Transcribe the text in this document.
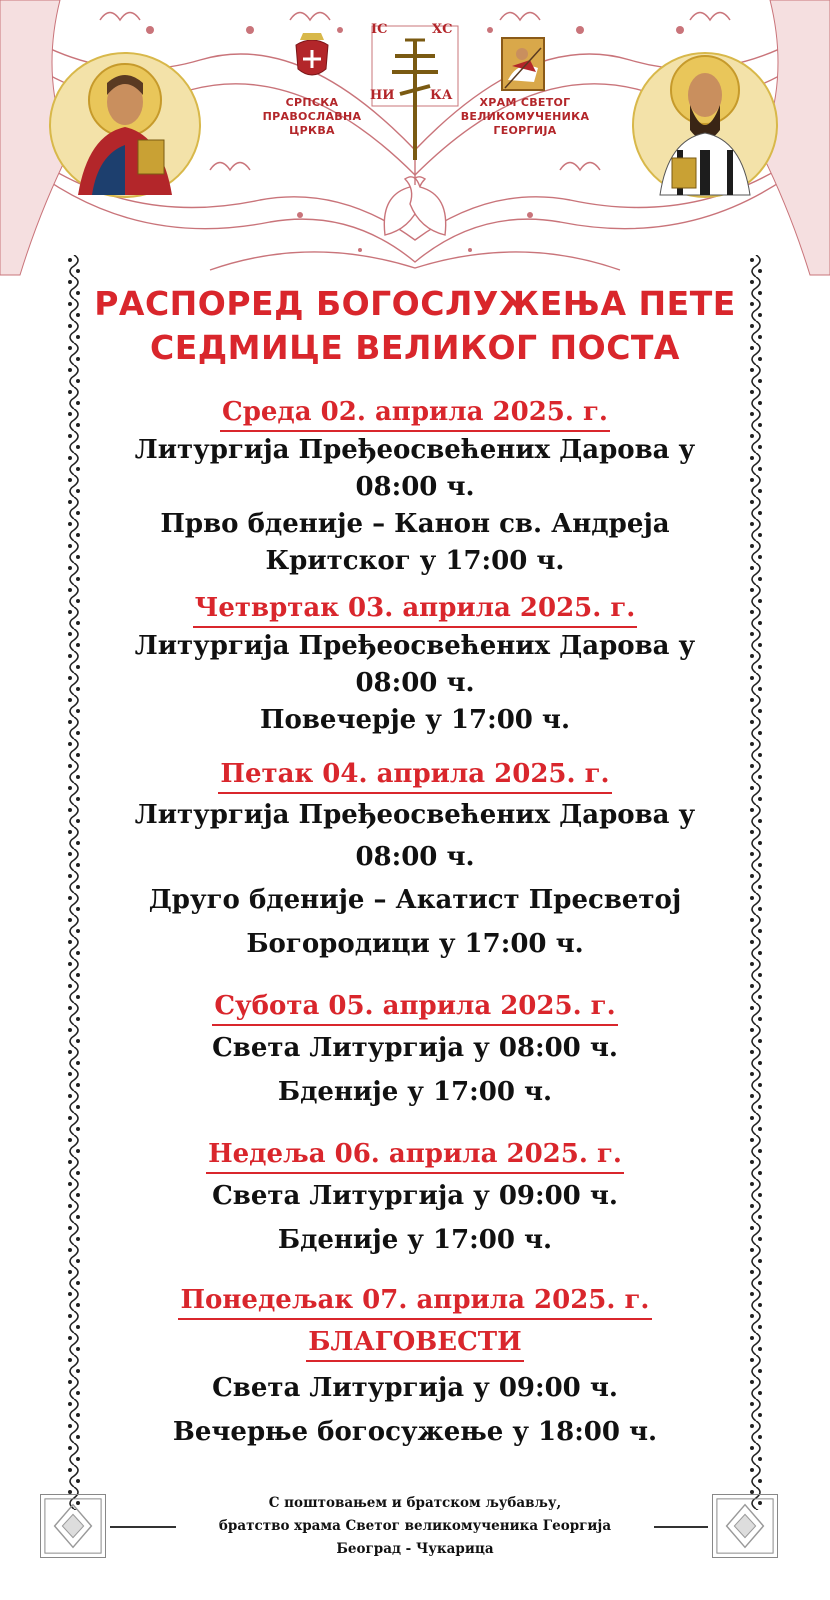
ІС	ХС
НИ	КА
СРПСКА ПРАВОСЛАВНА ЦРКВА
ХРАМ СВЕТОГ ВЕЛИКОМУЧЕНИКА ГЕОРГИЈА

РАСПОРЕД БОГОСЛУЖЕЊА ПЕТЕ

СЕДМИЦЕ ВЕЛИКОГ ПОСТА

Среда 02. априла 2025. г.

Литургија Пређеосвећених Дарова у

08:00 ч.

Прво бденије – Канон св. Андреја

Критског у 17:00 ч.

Четвртак 03. априла 2025. г.

Литургија Пређеосвећених Дарова у

08:00 ч.

Повечерје у 17:00 ч.

Петак 04. априла 2025. г.

Литургија Пређеосвећених Дарова у

08:00 ч.

Друго бденије – Акатист Пресветој

Богородици у 17:00 ч.

Субота 05. априла 2025. г.

Света Литургија у 08:00 ч.

Бденије у 17:00 ч.

Недеља 06. априла 2025. г.

Света Литургија у 09:00 ч.

Бденије у 17:00 ч.

Понедељак 07. априла 2025. г.
БЛАГОВЕСТИ

Света Литургија у 09:00 ч.

Вечерње богосужење у 18:00 ч.

С поштовањем и братском љубављу,
братство храма Светог великомученика Георгија
Београд - Чукарица
